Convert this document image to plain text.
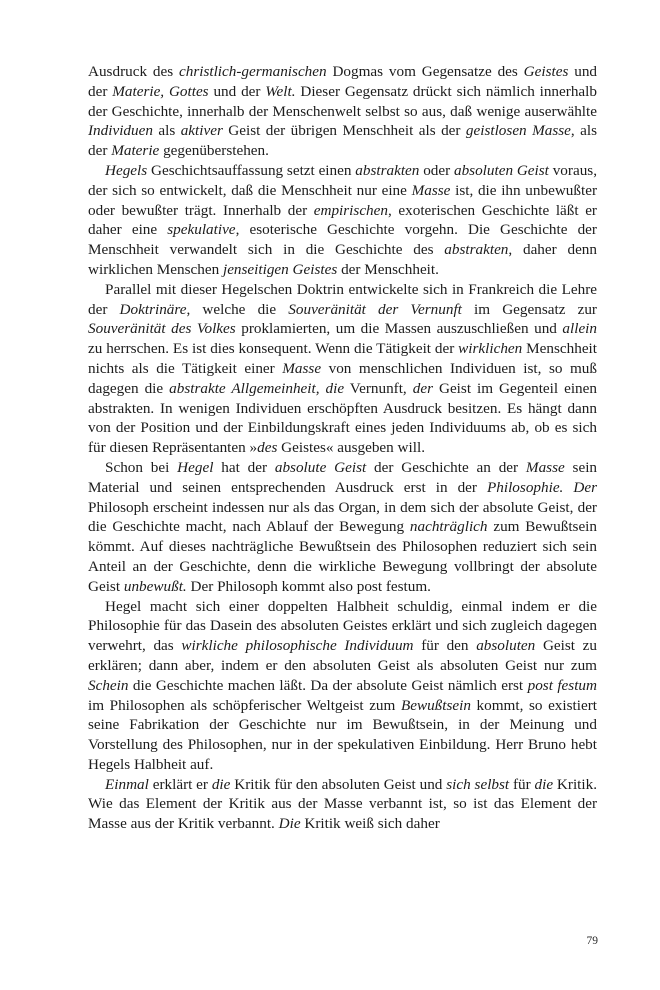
Ausdruck des christlich-germanischen Dogmas vom Gegensatze des Geistes und der Materie, Gottes und der Welt. Dieser Gegensatz drückt sich nämlich innerhalb der Geschichte, innerhalb der Menschenwelt selbst so aus, daß wenige auserwählte Individuen als aktiver Geist der übrigen Menschheit als der geistlosen Masse, als der Materie gegenüberstehen.

Hegels Geschichtsauffassung setzt einen abstrakten oder absoluten Geist voraus, der sich so entwickelt, daß die Menschheit nur eine Masse ist, die ihn unbewußter oder bewußter trägt. Innerhalb der empirischen, exoterischen Geschichte läßt er daher eine spekulative, esoterische Geschichte vorgehn. Die Geschichte der Menschheit verwandelt sich in die Geschichte des abstrakten, daher denn wirklichen Menschen jenseitigen Geistes der Menschheit.

Parallel mit dieser Hegelschen Doktrin entwickelte sich in Frankreich die Lehre der Doktrinäre, welche die Souveränität der Vernunft im Gegensatz zur Souveränität des Volkes proklamierten, um die Massen auszuschließen und allein zu herrschen. Es ist dies konsequent. Wenn die Tätigkeit der wirklichen Menschheit nichts als die Tätigkeit einer Masse von menschlichen Individuen ist, so muß dagegen die abstrakte Allgemeinheit, die Vernunft, der Geist im Gegenteil einen abstrakten. In wenigen Individuen erschöpften Ausdruck besitzen. Es hängt dann von der Position und der Einbildungskraft eines jeden Individuums ab, ob es sich für diesen Repräsentanten »des Geistes« ausgeben will.

Schon bei Hegel hat der absolute Geist der Geschichte an der Masse sein Material und seinen entsprechenden Ausdruck erst in der Philosophie. Der Philosoph erscheint indessen nur als das Organ, in dem sich der absolute Geist, der die Geschichte macht, nach Ablauf der Bewegung nachträglich zum Bewußtsein kömmt. Auf dieses nachträgliche Bewußtsein des Philosophen reduziert sich sein Anteil an der Geschichte, denn die wirkliche Bewegung vollbringt der absolute Geist unbewußt. Der Philosoph kommt also post festum.

Hegel macht sich einer doppelten Halbheit schuldig, einmal indem er die Philosophie für das Dasein des absoluten Geistes erklärt und sich zugleich dagegen verwehrt, das wirkliche philosophische Individuum für den absoluten Geist zu erklären; dann aber, indem er den absoluten Geist als absoluten Geist nur zum Schein die Geschichte machen läßt. Da der absolute Geist nämlich erst post festum im Philosophen als schöpferischer Weltgeist zum Bewußtsein kommt, so existiert seine Fabrikation der Geschichte nur im Bewußtsein, in der Meinung und Vorstellung des Philosophen, nur in der spekulativen Einbildung. Herr Bruno hebt Hegels Halbheit auf.

Einmal erklärt er die Kritik für den absoluten Geist und sich selbst für die Kritik. Wie das Element der Kritik aus der Masse verbannt ist, so ist das Element der Masse aus der Kritik verbannt. Die Kritik weiß sich daher

79
